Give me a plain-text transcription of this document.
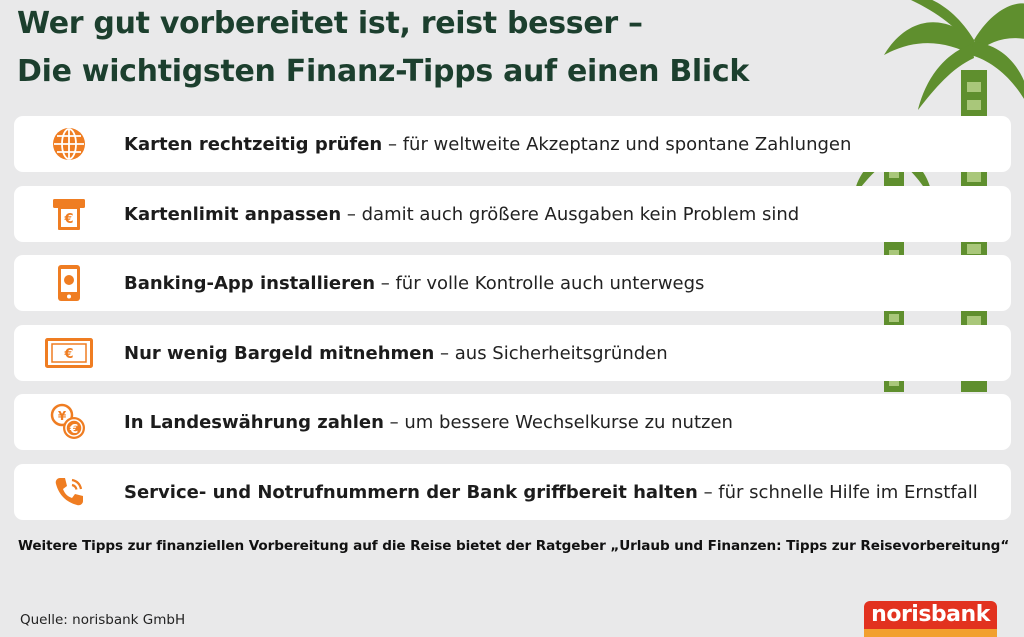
Wer gut vorbereitet ist, reist besser –
Die wichtigsten Finanz-Tipps auf einen Blick
Karten rechtzeitig prüfen – für weltweite Akzeptanz und spontane Zahlungen
€	Kartenlimit anpassen – damit auch größere Ausgaben kein Problem sind
Banking-App installieren – für volle Kontrolle auch unterwegs
€	Nur wenig Bargeld mitnehmen – aus Sicherheitsgründen
¥
€	In Landeswährung zahlen – um bessere Wechselkurse zu nutzen
Service- und Notrufnummern der Bank griffbereit halten – für schnelle Hilfe im Ernstfall
Weitere Tipps zur finanziellen Vorbereitung auf die Reise bietet der Ratgeber „Urlaub und Finanzen: Tipps zur Reisevorbereitung“
Quelle: norisbank GmbH	norisbank
